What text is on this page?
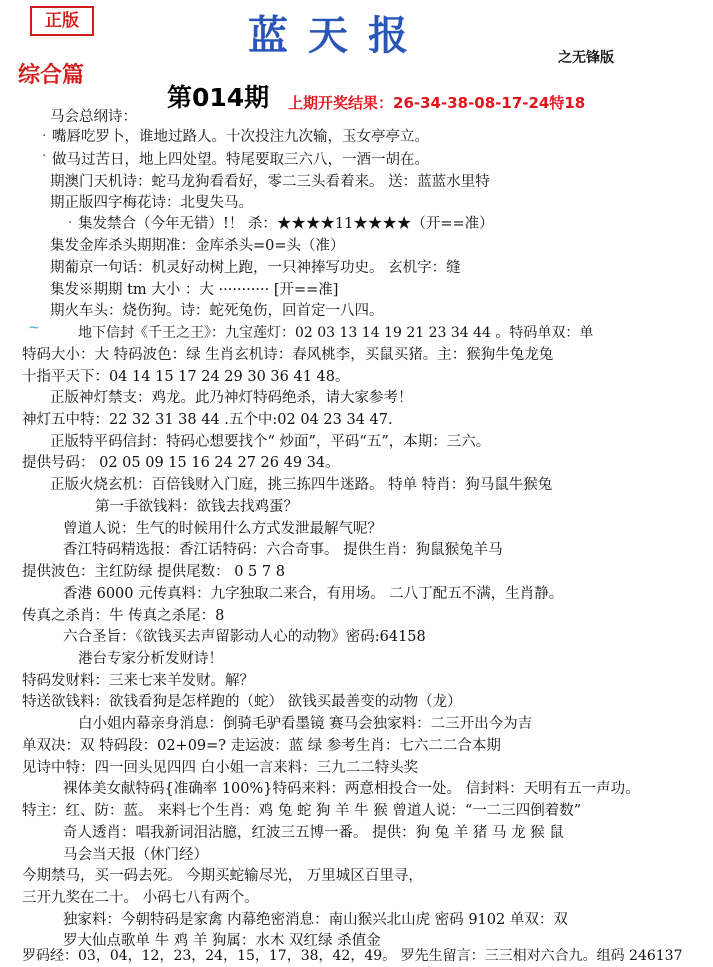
正版	蓝天报	之无锋版
综合篇
第014期 上期开奖结果：26-34-38-08-17-24特18
·
·
·
~
马会总纲诗：
嘴唇吃罗卜，谁地过路人。十次投注九次输，玉女亭亭立。
做马过苦日，地上四处望。特尾要取三六八，一酒一胡在。
期澳门天机诗：蛇马龙狗看看好，零二三头看着来。 送：蓝蓝水里特
期正版四字梅花诗：北叟失马。
集发禁合（今年无错）!！ 杀：★★★★11★★★★（开==准）
集发金库杀头期期准：金库杀头=0=头（准）
期葡京一句话：机灵好动树上跑，一只神捧写功史。 玄机字：缝
集发※期期 tm 大小 ：大 ··········· [开==准]
期火车头：烧伤狗。诗：蛇死兔伤，回首定一八四。
地下信封《千王之王》：九宝莲灯：02 03 13 14 19 21 23 34 44 。特码单双：单
特码大小：大 特码波色：绿 生肖玄机诗：春风桃李，买鼠买猪。主：猴狗牛兔龙兔
十指平天下：04 14 15 17 24 29 30 36 41 48。
正版神灯禁支：鸡龙。此乃神灯特码绝杀，请大家参考！
神灯五中特：22 32 31 38 44 .五个中:02 04 23 34 47.
正版特平码信封：特码心想要找个“ 炒面”，平码“五”，本期：三六。
提供号码： 02 05 09 15 16 24 27 26 49 34。
正版火烧玄机：百倍钱财入门庭，挑三拣四牛迷路。 特单 特肖：狗马鼠牛猴兔
第一手欲钱料：欲钱去找鸡蛋？
曾道人说：生气的时候用什么方式发泄最解气呢？
香江特码精选报：香江话特码：六合奇事。 提供生肖：狗鼠猴兔羊马
提供波色：主红防绿 提供尾数： 0 5 7 8
香港 6000 元传真料：九字独取二来合，有用场。 二八丁配五不满，生肖静。
传真之杀肖：牛 传真之杀尾：8
六合圣旨：《欲钱买去声留影动人心的动物》密码:64158
港台专家分析发财诗！
特码发财料：三来七来羊发财。解？
特送欲钱料：欲钱看狗是怎样跑的（蛇） 欲钱买最善变的动物（龙）
白小姐内幕亲身消息：倒骑毛驴看墨镜 赛马会独家料：二三开出今为吉
单双决：双 特码段：02+09=? 走运波：蓝 绿 参考生肖：七六二二合本期
见诗中特：四一回头见四四 白小姐一言来料：三九二二特头奖
裸体美女献特码{准确率 100%}特码来料：两意相投合一处。 信封料：天明有五一声功。
特主：红、防：蓝。 来料七个生肖：鸡 兔 蛇 狗 羊 牛 猴 曾道人说：“一二三四倒着数”
奇人透肖：唱我新词泪沾臆，红波三五博一番。 提供：狗 兔 羊 猪 马 龙 猴 鼠
马会当天报（休门经）
今期禁马，买一码去死。 今期买蛇输尽光， 万里城区百里寻，
三开九奖在二十。 小码七八有两个。
独家料：今朝特码是家禽 内幕绝密消息：南山猴兴北山虎 密码 9102 单双：双
罗大仙点歌单 牛 鸡 羊 狗属：水木 双红绿 杀值金
罗码经：03，04，12，23，24，15，17，38，42，49。 罗先生留言：三三相对六合九。组码 246137
